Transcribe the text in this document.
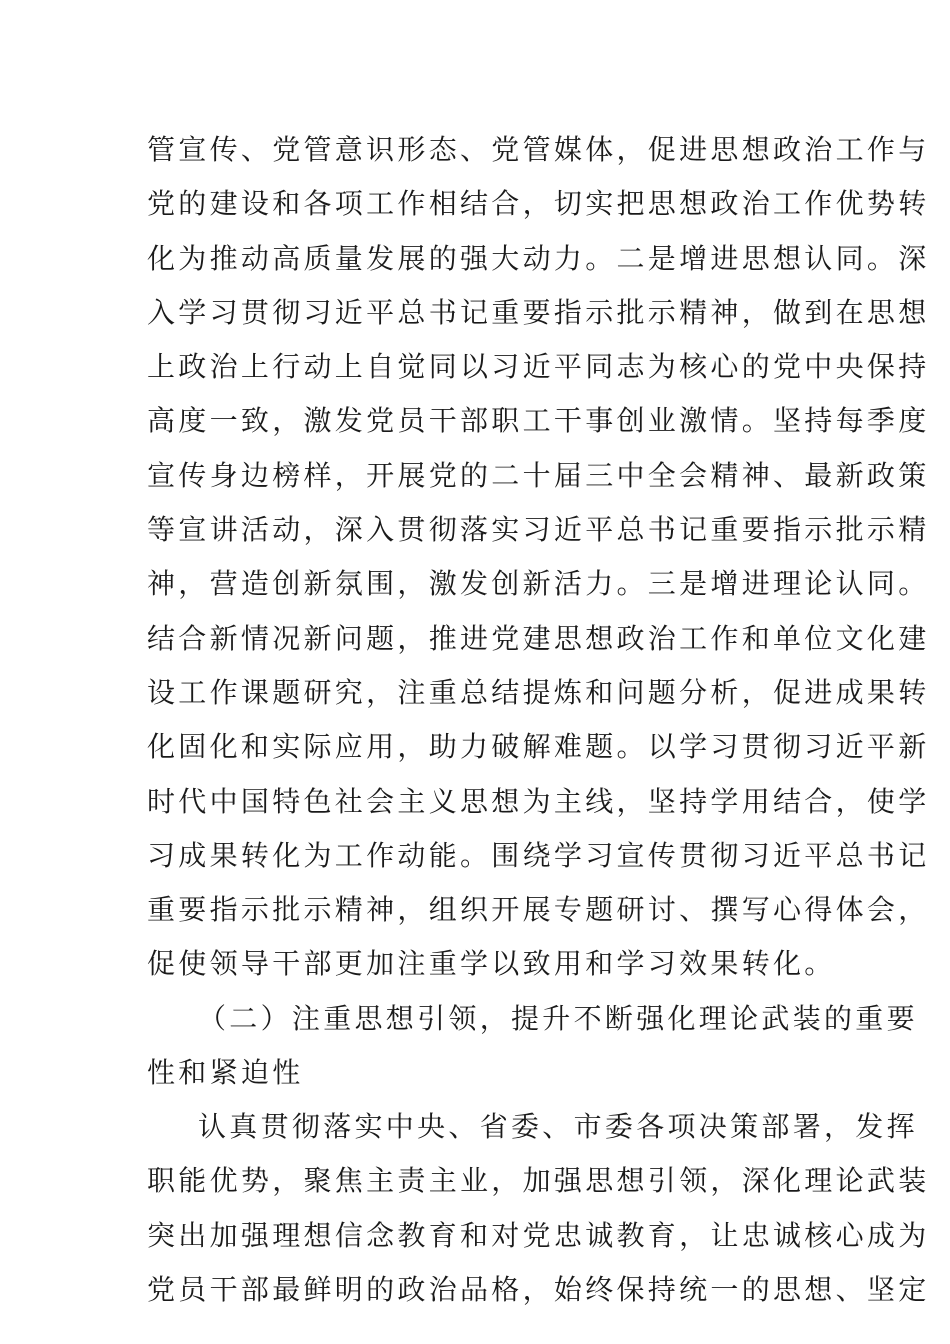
管宣传、党管意识形态、党管媒体，促进思想政治工作与
党的建设和各项工作相结合，切实把思想政治工作优势转
化为推动高质量发展的强大动力。二是增进思想认同。深
入学习贯彻习近平总书记重要指示批示精神，做到在思想
上政治上行动上自觉同以习近平同志为核心的党中央保持
高度一致，激发党员干部职工干事创业激情。坚持每季度
宣传身边榜样，开展党的二十届三中全会精神、最新政策
等宣讲活动，深入贯彻落实习近平总书记重要指示批示精
神，营造创新氛围，激发创新活力。三是增进理论认同。
结合新情况新问题，推进党建思想政治工作和单位文化建
设工作课题研究，注重总结提炼和问题分析，促进成果转
化固化和实际应用，助力破解难题。以学习贯彻习近平新
时代中国特色社会主义思想为主线，坚持学用结合，使学
习成果转化为工作动能。围绕学习宣传贯彻习近平总书记
重要指示批示精神，组织开展专题研讨、撰写心得体会，
促使领导干部更加注重学以致用和学习效果转化。
（二）注重思想引领，提升不断强化理论武装的重要
性和紧迫性
认真贯彻落实中央、省委、市委各项决策部署，发挥
职能优势，聚焦主责主业，加强思想引领，深化理论武装
突出加强理想信念教育和对党忠诚教育，让忠诚核心成为
党员干部最鲜明的政治品格，始终保持统一的思想、坚定
